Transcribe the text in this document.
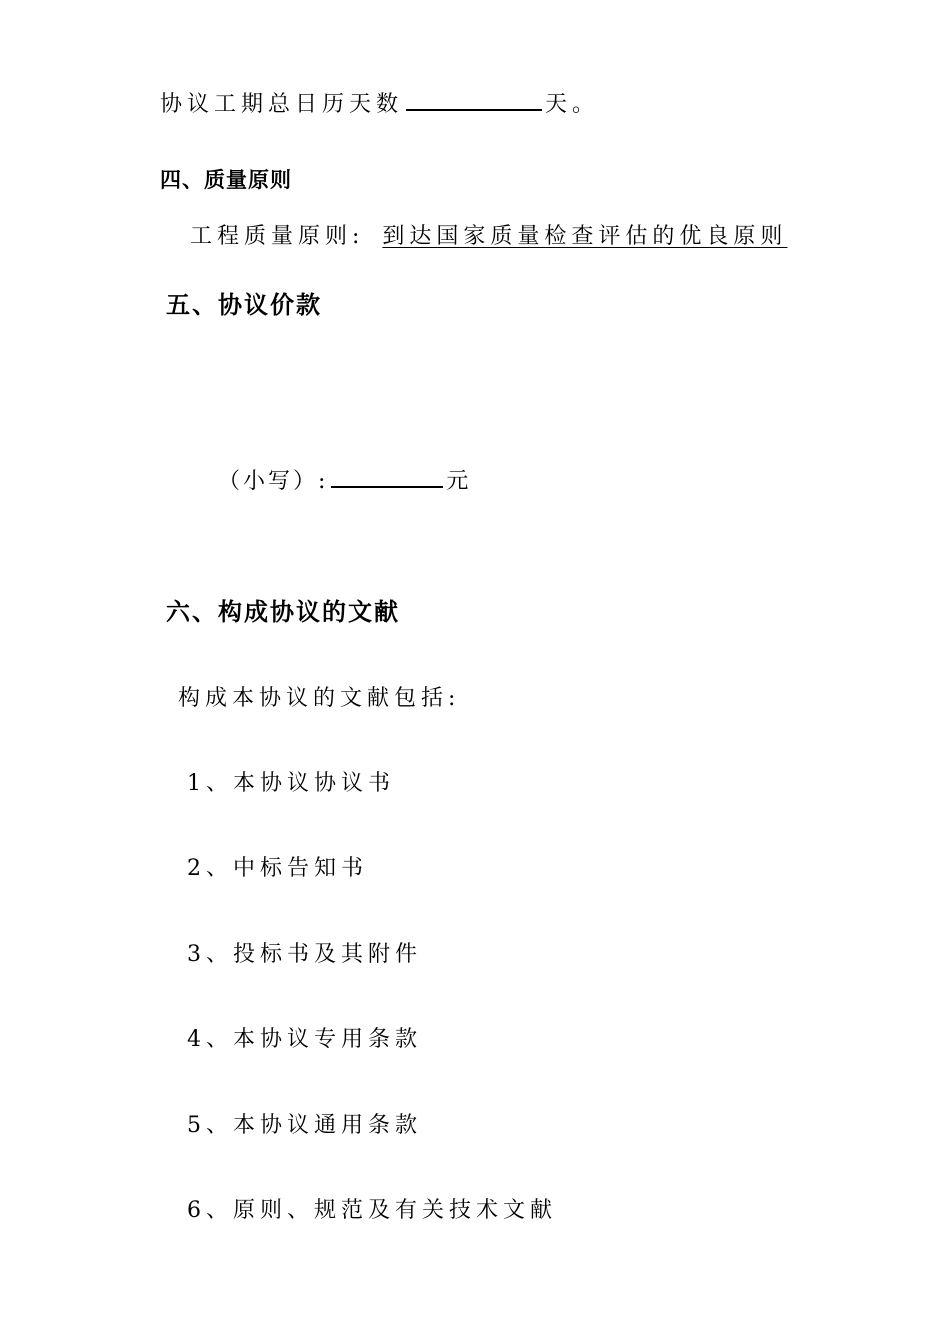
协议工期总日历天数	天。
四、质量原则
工程质量原则: 到达国家质量检查评估的优良原则
五、协议价款
（小写）:	元
六、构成协议的文献
构成本协议的文献包括:
1、本协议协议书
2、中标告知书
3、投标书及其附件
4、本协议专用条款
5、本协议通用条款
6、原则、规范及有关技术文献
